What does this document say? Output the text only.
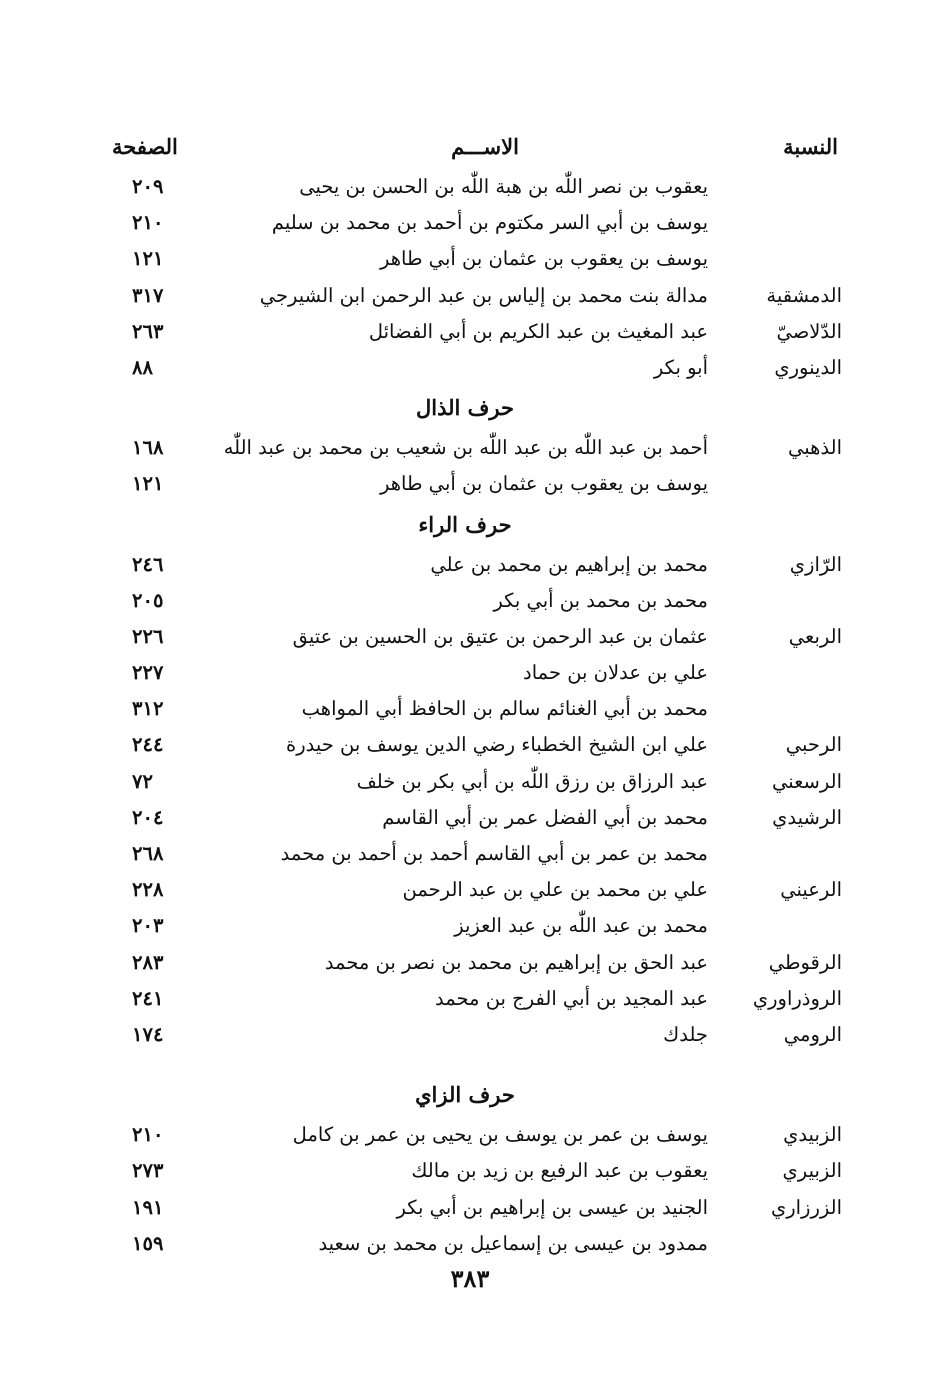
النسبة
الاســـم
الصفحة
يعقوب بن نصر اللّٰه بن هبة اللّٰه بن الحسن بن يحيى
٢٠٩
يوسف بن أبي السر مكتوم بن أحمد بن محمد بن سليم
٢١٠
يوسف بن يعقوب بن عثمان بن أبي طاهر
١٢١
الدمشقية
مدالة بنت محمد بن إلياس بن عبد الرحمن ابن الشيرجي
٣١٧
الدّلاصيّ
عبد المغيث بن عبد الكريم بن أبي الفضائل
٢٦٣
الدينوري
أبو بكر
٨٨
حرف الذال
الذهبي
أحمد بن عبد اللّٰه بن عبد اللّٰه بن شعيب بن محمد بن عبد اللّٰه
١٦٨
يوسف بن يعقوب بن عثمان بن أبي طاهر
١٢١
حرف الراء
الرّازي
محمد بن إبراهيم بن محمد بن علي
٢٤٦
محمد بن محمد بن أبي بكر
٢٠٥
الربعي
عثمان بن عبد الرحمن بن عتيق بن الحسين بن عتيق
٢٢٦
علي بن عدلان بن حماد
٢٢٧
محمد بن أبي الغنائم سالم بن الحافظ أبي المواهب
٣١٢
الرحبي
علي ابن الشيخ الخطباء رضي الدين يوسف بن حيدرة
٢٤٤
الرسعني
عبد الرزاق بن رزق اللّٰه بن أبي بكر بن خلف
٧٢
الرشيدي
محمد بن أبي الفضل عمر بن أبي القاسم
٢٠٤
محمد بن عمر بن أبي القاسم أحمد بن أحمد بن محمد
٢٦٨
الرعيني
علي بن محمد بن علي بن عبد الرحمن
٢٢٨
محمد بن عبد اللّٰه بن عبد العزيز
٢٠٣
الرقوطي
عبد الحق بن إبراهيم بن محمد بن نصر بن محمد
٢٨٣
الروذراوري
عبد المجيد بن أبي الفرج بن محمد
٢٤١
الرومي
جلدك
١٧٤
حرف الزاي
الزبيدي
يوسف بن عمر بن يوسف بن يحيى بن عمر بن كامل
٢١٠
الزبيري
يعقوب بن عبد الرفيع بن زيد بن مالك
٢٧٣
الزرزاري
الجنيد بن عيسى بن إبراهيم بن أبي بكر
١٩١
ممدود بن عيسى بن إسماعيل بن محمد بن سعيد
١٥٩
٣٨٣
